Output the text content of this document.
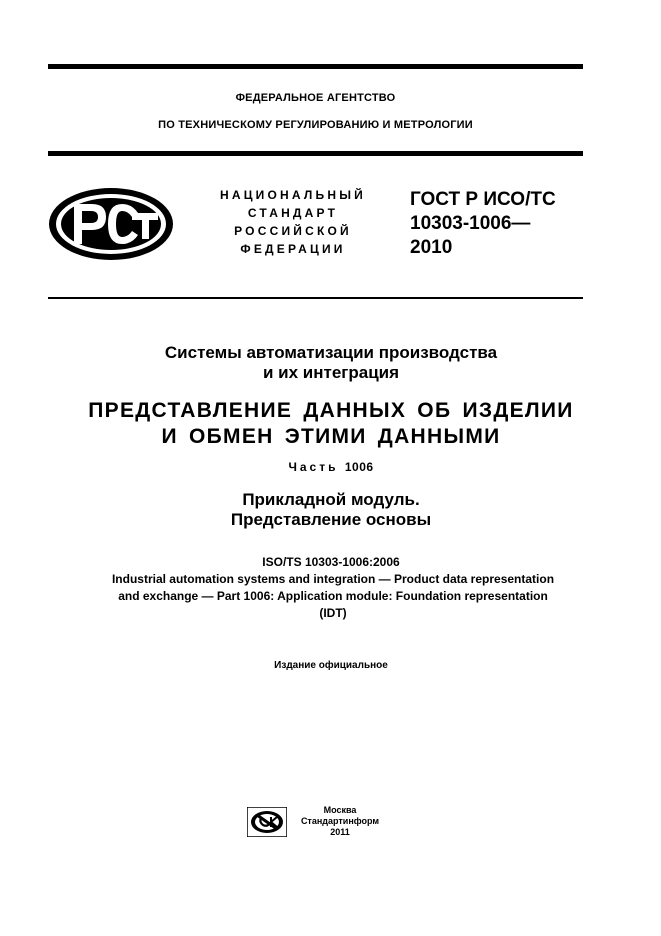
ФЕДЕРАЛЬНОЕ АГЕНТСТВО
ПО ТЕХНИЧЕСКОМУ РЕГУЛИРОВАНИЮ И МЕТРОЛОГИИ
НАЦИОНАЛЬНЫЙ
СТАНДАРТ
РОССИЙСКОЙ
ФЕДЕРАЦИИ
ГОСТ Р ИСО/ТС
10303-1006—
2010
Системы автоматизации производства
и их интеграция
ПРЕДСТАВЛЕНИЕ ДАННЫХ ОБ ИЗДЕЛИИ
И ОБМЕН ЭТИМИ ДАННЫМИ
Часть 1006
Прикладной модуль.
Представление основы
ISO/TS 10303-1006:2006
Industrial automation systems and integration — Product data representation
and exchange — Part 1006: Application module: Foundation representation
(IDT)
Издание официальное
Москва
Стандартинформ
2011
